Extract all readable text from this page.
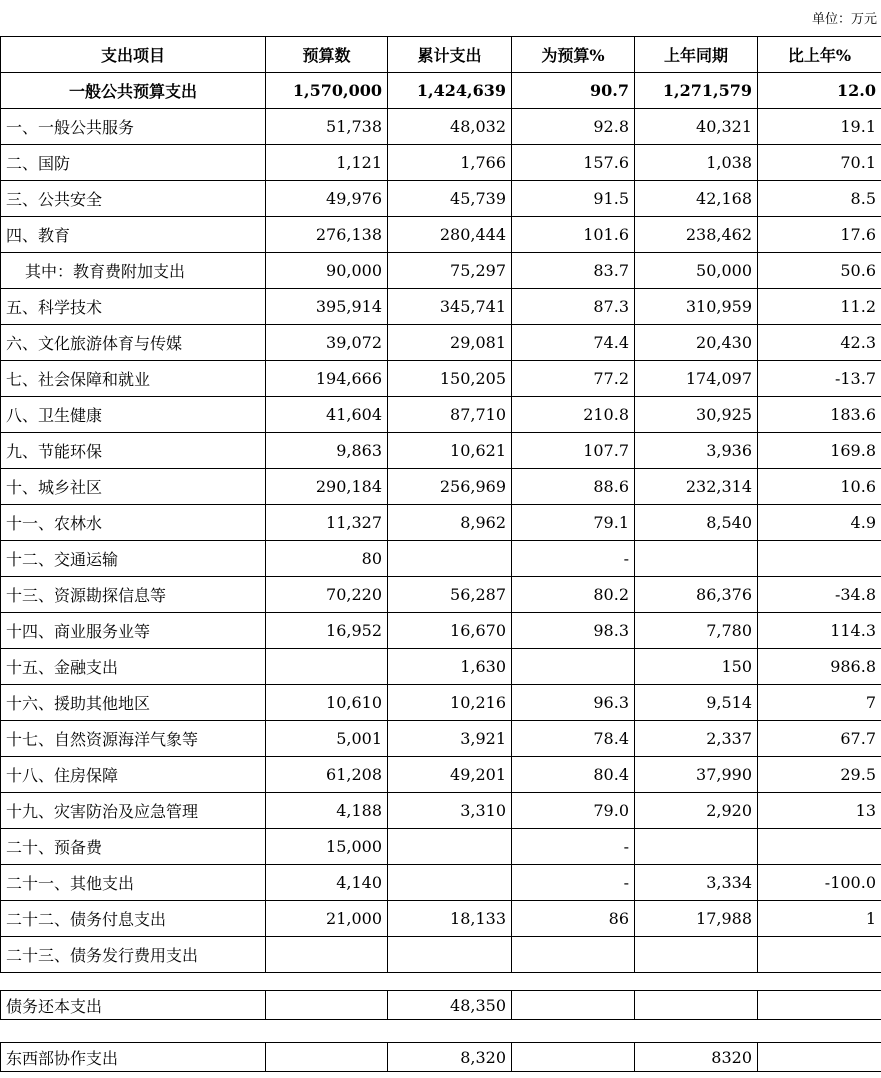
单位：万元
支出项目	预算数	累计支出	为预算%	上年同期	比上年%
一般公共预算支出	1,570,000	1,424,639	90.7	1,271,579	12.0
一、一般公共服务	51,738	48,032	92.8	40,321	19.1
二、国防	1,121	1,766	157.6	1,038	70.1
三、公共安全	49,976	45,739	91.5	42,168	8.5
四、教育	276,138	280,444	101.6	238,462	17.6
其中：教育费附加支出	90,000	75,297	83.7	50,000	50.6
五、科学技术	395,914	345,741	87.3	310,959	11.2
六、文化旅游体育与传媒	39,072	29,081	74.4	20,430	42.3
七、社会保障和就业	194,666	150,205	77.2	174,097	-13.7
八、卫生健康	41,604	87,710	210.8	30,925	183.6
九、节能环保	9,863	10,621	107.7	3,936	169.8
十、城乡社区	290,184	256,969	88.6	232,314	10.6
十一、农林水	11,327	8,962	79.1	8,540	4.9
十二、交通运输	80		-		
十三、资源勘探信息等	70,220	56,287	80.2	86,376	-34.8
十四、商业服务业等	16,952	16,670	98.3	7,780	114.3
十五、金融支出		1,630		150	986.8
十六、援助其他地区	10,610	10,216	96.3	9,514	7
十七、自然资源海洋气象等	5,001	3,921	78.4	2,337	67.7
十八、住房保障	61,208	49,201	80.4	37,990	29.5
十九、灾害防治及应急管理	4,188	3,310	79.0	2,920	13
二十、预备费	15,000		-		
二十一、其他支出	4,140		-	3,334	-100.0
二十二、债务付息支出	21,000	18,133	86	17,988	1
二十三、债务发行费用支出					
债务还本支出		48,350			
东西部协作支出		8,320		8320	
